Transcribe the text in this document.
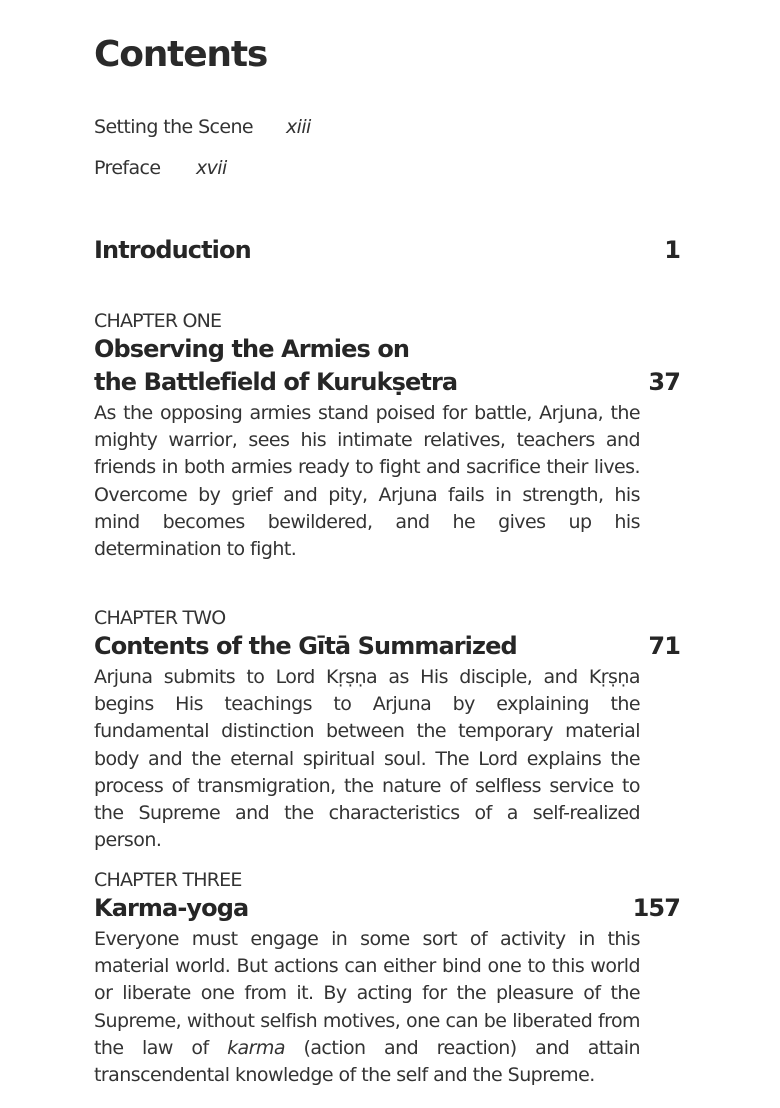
Contents
Setting the Scene xiii
Preface xvii
Introduction	1
CHAPTER ONE
Observing the Armies on
the Battlefield of Kurukṣetra	37
As the opposing armies stand poised for battle, Arjuna, the mighty warrior, sees his intimate relatives, teachers and friends in both armies ready to fight and sacrifice their lives. Overcome by grief and pity, Arjuna fails in strength, his mind becomes bewildered, and he gives up his determination to fight.
CHAPTER TWO
Contents of the Gītā Summarized	71
Arjuna submits to Lord Kṛṣṇa as His disciple, and Kṛṣṇa begins His teachings to Arjuna by explaining the fundamental distinction between the temporary material body and the eternal spiritual soul. The Lord explains the process of transmigration, the nature of selfless service to the Supreme and the characteristics of a self-realized person.
CHAPTER THREE
Karma-yoga	157
Everyone must engage in some sort of activity in this material world. But actions can either bind one to this world or liberate one from it. By acting for the pleasure of the Supreme, without selfish motives, one can be liberated from the law of karma (action and reaction) and attain transcendental knowledge of the self and the Supreme.
